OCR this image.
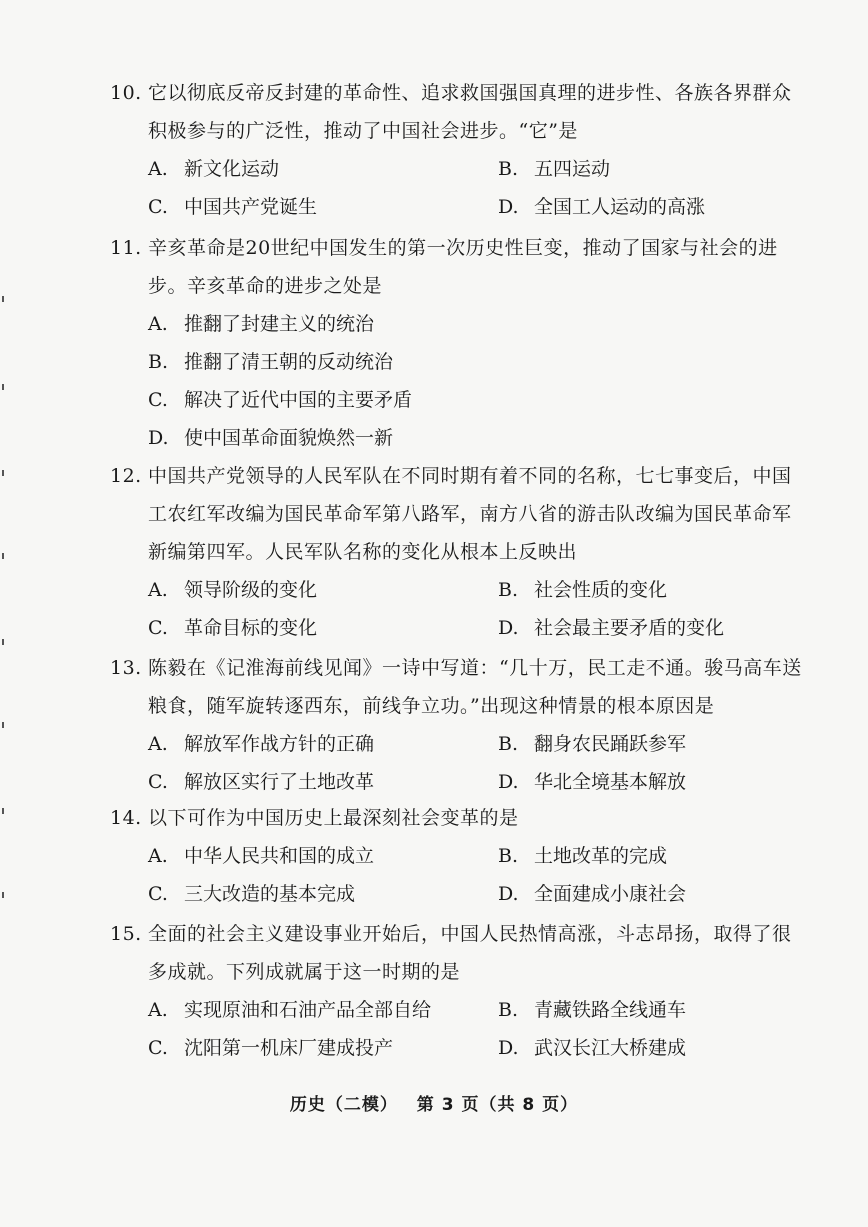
10. 它以彻底反帝反封建的革命性、追求救国强国真理的进步性、各族各界群众积极参与的广泛性，推动了中国社会进步。“它”是

A. 新文化运动	B. 五四运动
C. 中国共产党诞生	D. 全国工人运动的高涨

11. 辛亥革命是20世纪中国发生的第一次历史性巨变，推动了国家与社会的进步。辛亥革命的进步之处是

A. 推翻了封建主义的统治
B. 推翻了清王朝的反动统治
C. 解决了近代中国的主要矛盾
D. 使中国革命面貌焕然一新

12. 中国共产党领导的人民军队在不同时期有着不同的名称，七七事变后，中国工农红军改编为国民革命军第八路军，南方八省的游击队改编为国民革命军新编第四军。人民军队名称的变化从根本上反映出

A. 领导阶级的变化	B. 社会性质的变化
C. 革命目标的变化	D. 社会最主要矛盾的变化

13. 陈毅在《记淮海前线见闻》一诗中写道：“几十万，民工走不通。骏马高车送粮食，随军旋转逐西东，前线争立功。”出现这种情景的根本原因是

A. 解放军作战方针的正确	B. 翻身农民踊跃参军
C. 解放区实行了土地改革	D. 华北全境基本解放

14. 以下可作为中国历史上最深刻社会变革的是

A. 中华人民共和国的成立	B. 土地改革的完成
C. 三大改造的基本完成	D. 全面建成小康社会

15. 全面的社会主义建设事业开始后，中国人民热情高涨，斗志昂扬，取得了很多成就。下列成就属于这一时期的是

A. 实现原油和石油产品全部自给	B. 青藏铁路全线通车
C. 沈阳第一机床厂建成投产	D. 武汉长江大桥建成
历史（二模） 第 3 页（共 8 页）
